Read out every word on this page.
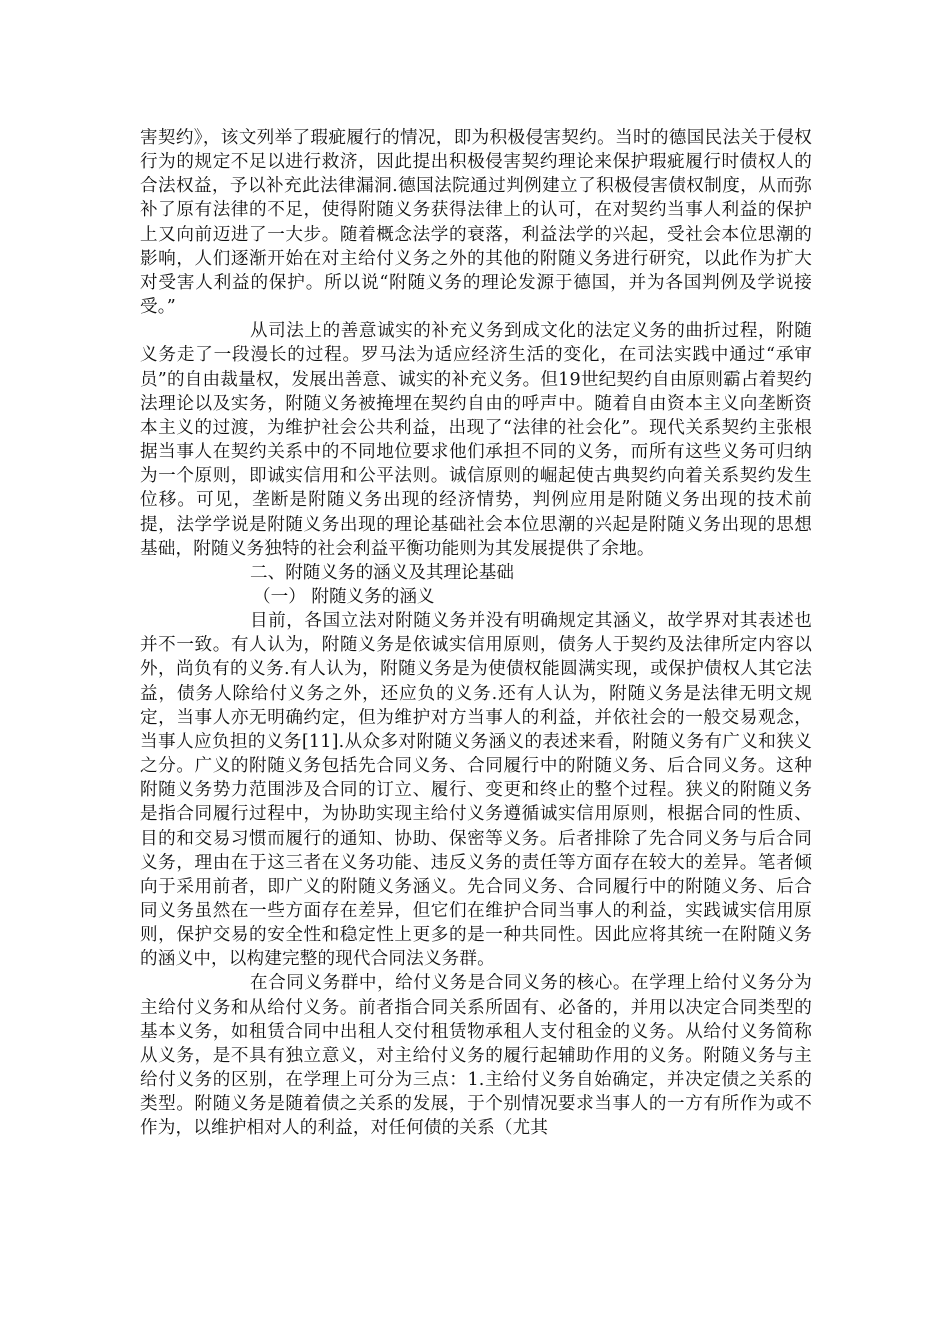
害契约》，该文列举了瑕疵履行的情况，即为积极侵害契约。当时的德国民法关于侵权行为的规定不足以进行救济，因此提出积极侵害契约理论来保护瑕疵履行时债权人的合法权益，予以补充此法律漏洞.德国法院通过判例建立了积极侵害债权制度，从而弥补了原有法律的不足，使得附随义务获得法律上的认可，在对契约当事人利益的保护上又向前迈进了一大步。随着概念法学的衰落，利益法学的兴起，受社会本位思潮的影响，人们逐渐开始在对主给付义务之外的其他的附随义务进行研究，以此作为扩大对受害人利益的保护。所以说“附随义务的理论发源于德国，并为各国判例及学说接受。”

从司法上的善意诚实的补充义务到成文化的法定义务的曲折过程，附随义务走了一段漫长的过程。罗马法为适应经济生活的变化，在司法实践中通过“承审员”的自由裁量权，发展出善意、诚实的补充义务。但19世纪契约自由原则霸占着契约法理论以及实务，附随义务被掩埋在契约自由的呼声中。随着自由资本主义向垄断资本主义的过渡，为维护社会公共利益，出现了“法律的社会化”。现代关系契约主张根据当事人在契约关系中的不同地位要求他们承担不同的义务，而所有这些义务可归纳为一个原则，即诚实信用和公平法则。诚信原则的崛起使古典契约向着关系契约发生位移。可见，垄断是附随义务出现的经济情势，判例应用是附随义务出现的技术前提，法学学说是附随义务出现的理论基础社会本位思潮的兴起是附随义务出现的思想基础，附随义务独特的社会利益平衡功能则为其发展提供了余地。

二、附随义务的涵义及其理论基础

（一） 附随义务的涵义

目前，各国立法对附随义务并没有明确规定其涵义，故学界对其表述也并不一致。有人认为，附随义务是依诚实信用原则，债务人于契约及法律所定内容以外，尚负有的义务.有人认为，附随义务是为使债权能圆满实现，或保护债权人其它法益，债务人除给付义务之外，还应负的义务.还有人认为，附随义务是法律无明文规定，当事人亦无明确约定，但为维护对方当事人的利益，并依社会的一般交易观念，当事人应负担的义务[11].从众多对附随义务涵义的表述来看，附随义务有广义和狭义之分。广义的附随义务包括先合同义务、合同履行中的附随义务、后合同义务。这种附随义务势力范围涉及合同的订立、履行、变更和终止的整个过程。狭义的附随义务是指合同履行过程中，为协助实现主给付义务遵循诚实信用原则，根据合同的性质、目的和交易习惯而履行的通知、协助、保密等义务。后者排除了先合同义务与后合同义务，理由在于这三者在义务功能、违反义务的责任等方面存在较大的差异。笔者倾向于采用前者，即广义的附随义务涵义。先合同义务、合同履行中的附随义务、后合同义务虽然在一些方面存在差异，但它们在维护合同当事人的利益，实践诚实信用原则，保护交易的安全性和稳定性上更多的是一种共同性。因此应将其统一在附随义务的涵义中，以构建完整的现代合同法义务群。

在合同义务群中，给付义务是合同义务的核心。在学理上给付义务分为主给付义务和从给付义务。前者指合同关系所固有、必备的，并用以决定合同类型的基本义务，如租赁合同中出租人交付租赁物承租人支付租金的义务。从给付义务简称从义务，是不具有独立意义，对主给付义务的履行起辅助作用的义务。附随义务与主给付义务的区别，在学理上可分为三点：1.主给付义务自始确定，并决定债之关系的类型。附随义务是随着债之关系的发展，于个别情况要求当事人的一方有所作为或不作为，以维护相对人的利益，对任何债的关系（尤其
